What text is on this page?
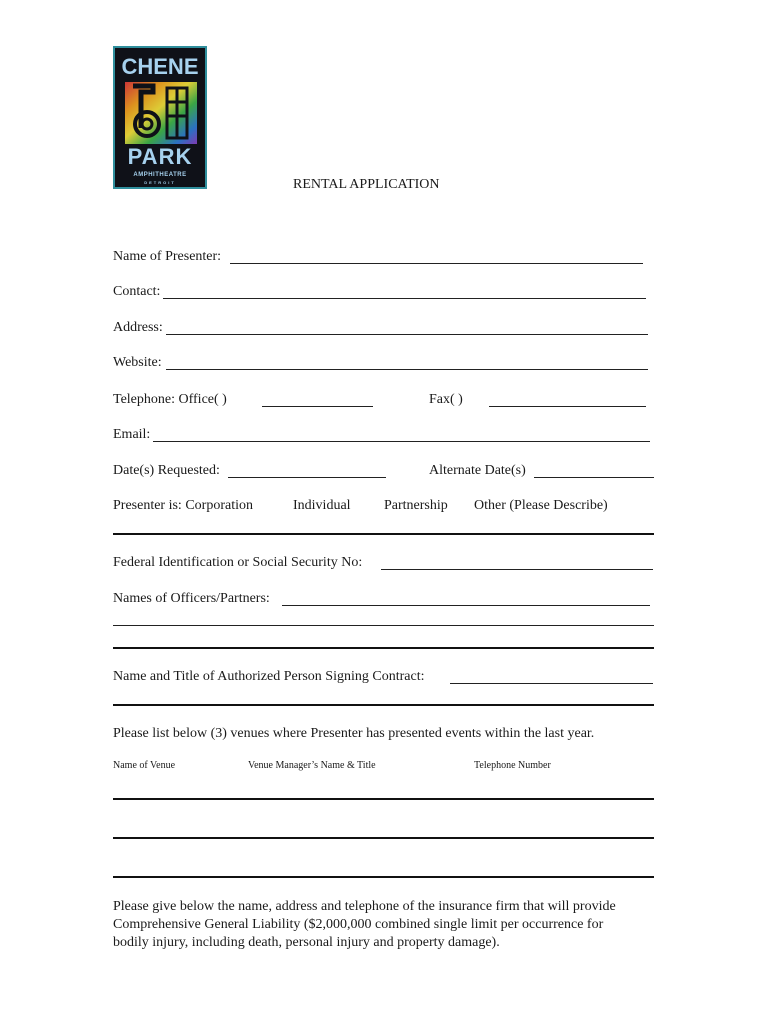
CHENE
PARK
AMPHITHEATRE
DETROIT	RENTAL APPLICATION
Name of Presenter:
Contact:
Address:
Website:
Telephone: Office( )	Fax( )
Email:
Date(s) Requested:	Alternate Date(s)
Presenter is: Corporation	Individual Partnership Other (Please Describe)
Federal Identification or Social Security No:
Names of Officers/Partners:
Name and Title of Authorized Person Signing Contract:
Please list below (3) venues where Presenter has presented events within the last year.
Name of Venue	Venue Manager’s Name & Title	Telephone Number
Please give below the name, address and telephone of the insurance firm that will provide
Comprehensive General Liability ($2,000,000 combined single limit per occurrence for
bodily injury, including death, personal injury and property damage).
